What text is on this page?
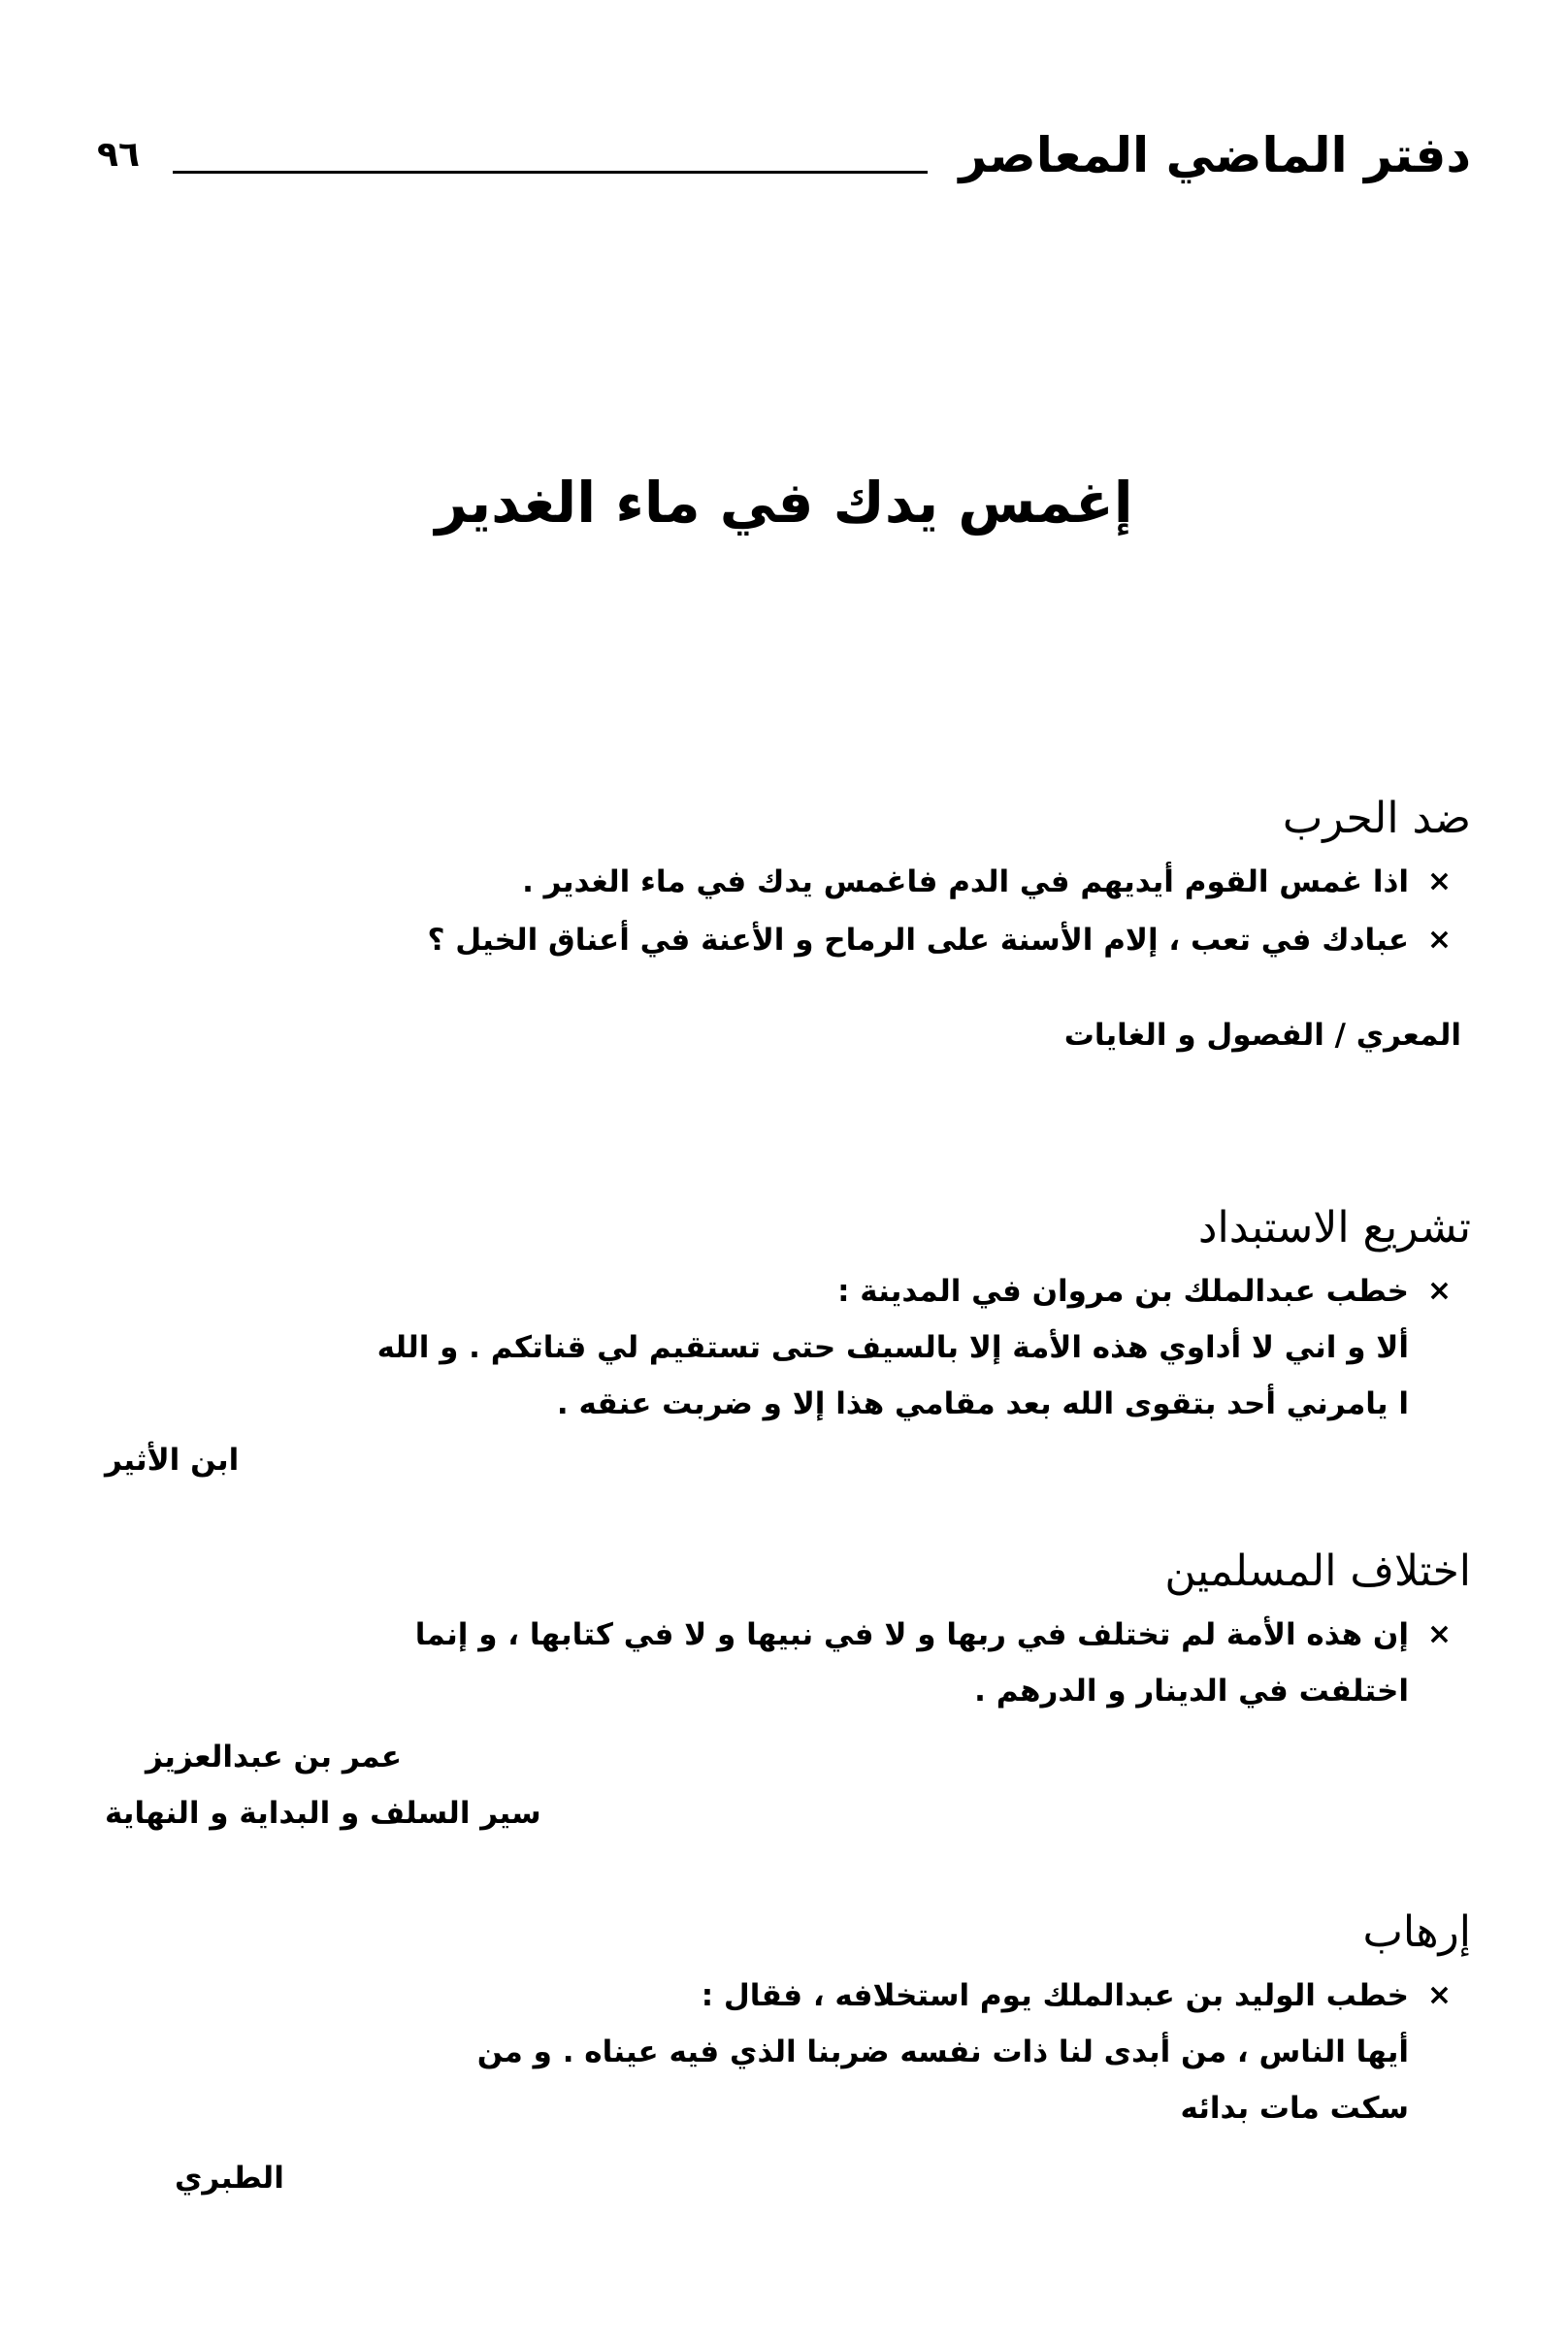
دفتر الماضي المعاصر
٩٦
إغمس يدك في ماء الغدير
ضد الحرب
×
اذا غمس القوم أيديهم في الدم فاغمس يدك في ماء الغدير .
×
عبادك في تعب ، إلام الأسنة على الرماح و الأعنة في أعناق الخيل ؟
المعري / الفصول و الغايات
تشريع الاستبداد
×
خطب عبدالملك بن مروان في المدينة :
ألا و اني لا أداوي هذه الأمة إلا بالسيف حتى تستقيم لي قناتكم . و الله
ا يامرني أحد بتقوى الله بعد مقامي هذا إلا و ضربت عنقه .
ابن الأثير
اختلاف المسلمين
×
إن هذه الأمة لم تختلف في ربها و لا في نبيها و لا في كتابها ، و إنما
اختلفت في الدينار و الدرهم .
عمر بن عبدالعزيز
سير السلف و البداية و النهاية
إرهاب
×
خطب الوليد بن عبدالملك يوم استخلافه ، فقال :
أيها الناس ، من أبدى لنا ذات نفسه ضربنا الذي فيه عيناه . و من
سكت مات بدائه
الطبري
